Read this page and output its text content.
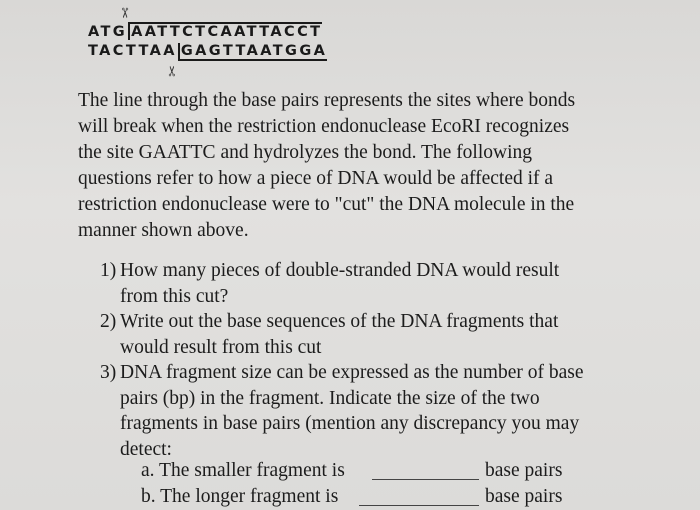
✂
ATG AATTCTCAATTACCT
TACTTAA GAGTTAATGGA
✂
The line through the base pairs represents the sites where bonds
will break when the restriction endonuclease EcoRI recognizes
the site GAATTC and hydrolyzes the bond. The following
questions refer to how a piece of DNA would be affected if a
restriction endonuclease were to "cut" the DNA molecule in the
manner shown above.
1) How many pieces of double-stranded DNA would result
from this cut?
2) Write out the base sequences of the DNA fragments that
would result from this cut
3) DNA fragment size can be expressed as the number of base
pairs (bp) in the fragment. Indicate the size of the two
fragments in base pairs (mention any discrepancy you may
detect:
a. The smaller fragment is	base pairs
b. The longer fragment is	base pairs
